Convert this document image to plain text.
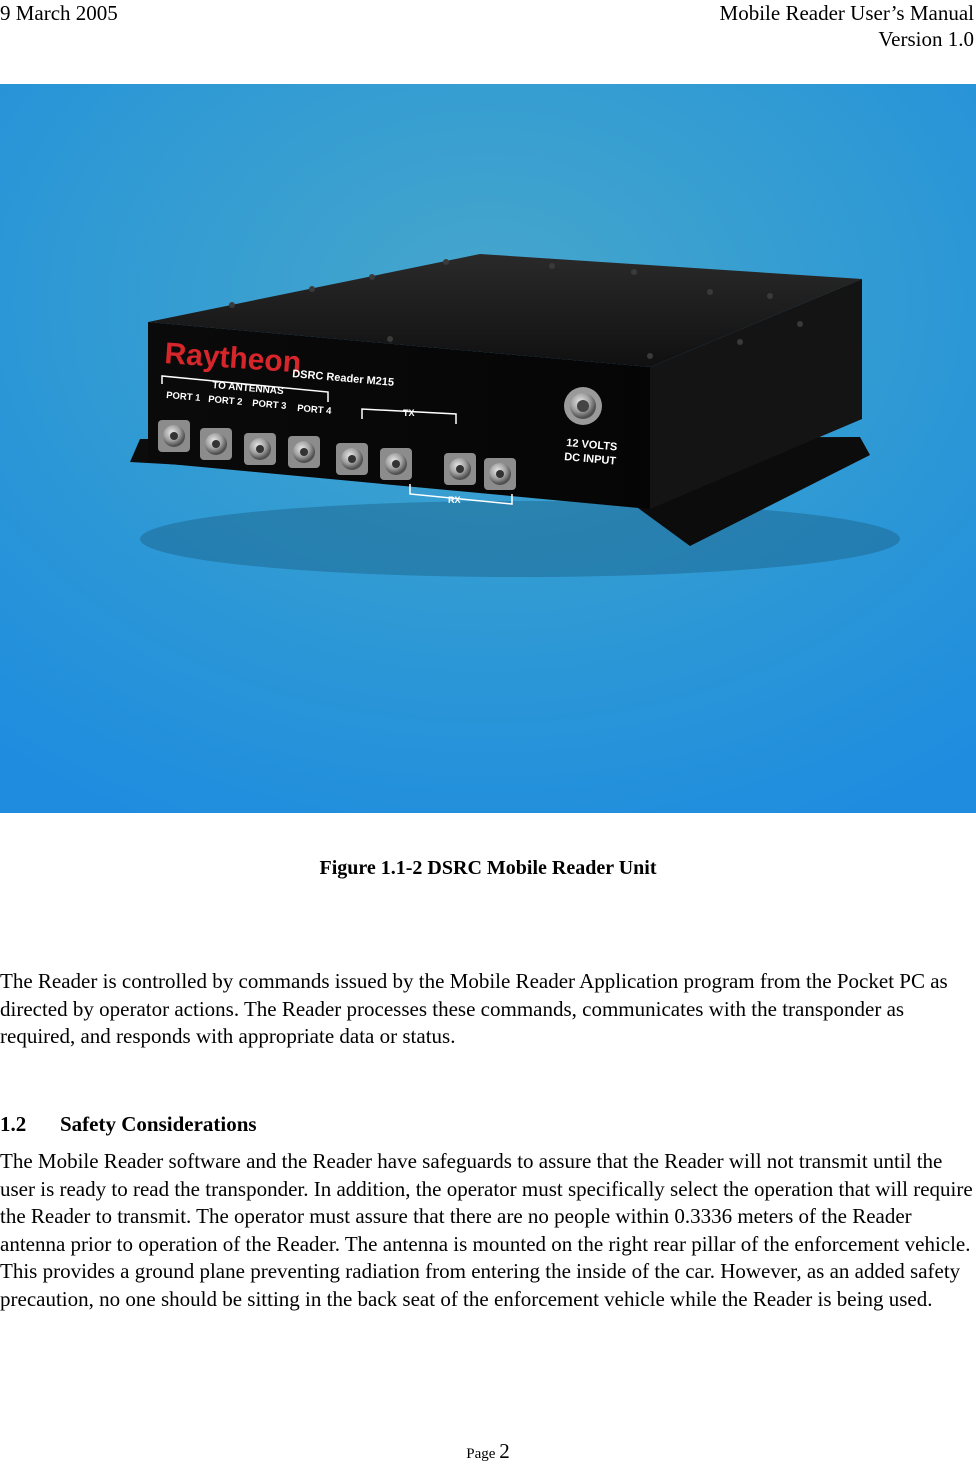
9 March 2005	Mobile Reader User’s Manual
Version 1.0
Raytheon
DSRC Reader M215
TO ANTENNAS
PORT 1 PORT 2 PORT 3 PORT 4	TX
RX
12 VOLTS
DC INPUT
Figure 1.1-2 DSRC Mobile Reader Unit

The Reader is controlled by commands issued by the Mobile Reader Application program from the Pocket PC as directed by operator actions. The Reader processes these commands, communicates with the transponder as required, and responds with appropriate data or status.

1.2 Safety Considerations

The Mobile Reader software and the Reader have safeguards to assure that the Reader will not transmit until the user is ready to read the transponder. In addition, the operator must specifically select the operation that will require the Reader to transmit. The operator must assure that there are no people within 0.3336 meters of the Reader antenna prior to operation of the Reader. The antenna is mounted on the right rear pillar of the enforcement vehicle. This provides a ground plane preventing radiation from entering the inside of the car. However, as an added safety precaution, no one should be sitting in the back seat of the enforcement vehicle while the Reader is being used.

Page 2
